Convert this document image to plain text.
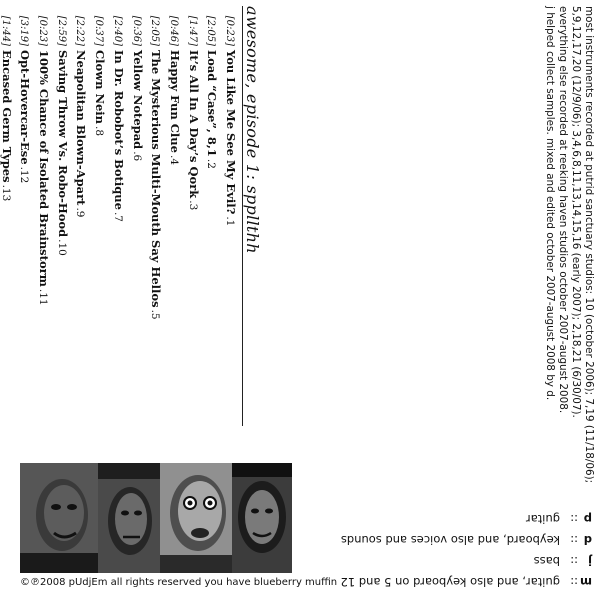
most instruments recorded at putrid sanctuary studios: 10 (october 2006); 7,19 (11/18/06);
5,9,12,17,20 (12/9/06); 3,4,6,8,11,13,14,15,16 (early 2007); 2,18,21 (6/30/07).
everything else recorded at reeking haven studios october 2007-august 2008.
j helped collect samples. mixed and edited october 2007-august 2008 by d.
awesome, episode 1: sppllthh
[0:23]You Like Me See My Evil?.1
[2:05]Load “Case”, 8,1.2
[1:47]It’s All In A Day’s Qork.3
[0:46]Happy Fun Clue.4
[2:05]The Mysterious Multi-Mouth Say Hellos.5
[0:36]Yellow Notepad.6
[2:40]In Dr. Robobot’s Botique.7
[0:37]Clown Nein.8
[2:22]Neapolitan Blown-Apart.9
[2:59]Saving Throw Vs. Robo-Hood.10
[0:23]100% Chance of Isolated Brainstorm.11
[3:19]Opt-Hovercar-Ese.12
[1:44]Encased Germ Types.13
m::guitar, and also keyboard on 5 and 12
j::bass
d::keyboard, and also voices and sounds
p::guitar
©℗2008 pUdjEm all rights reserved you have blueberry muffin
